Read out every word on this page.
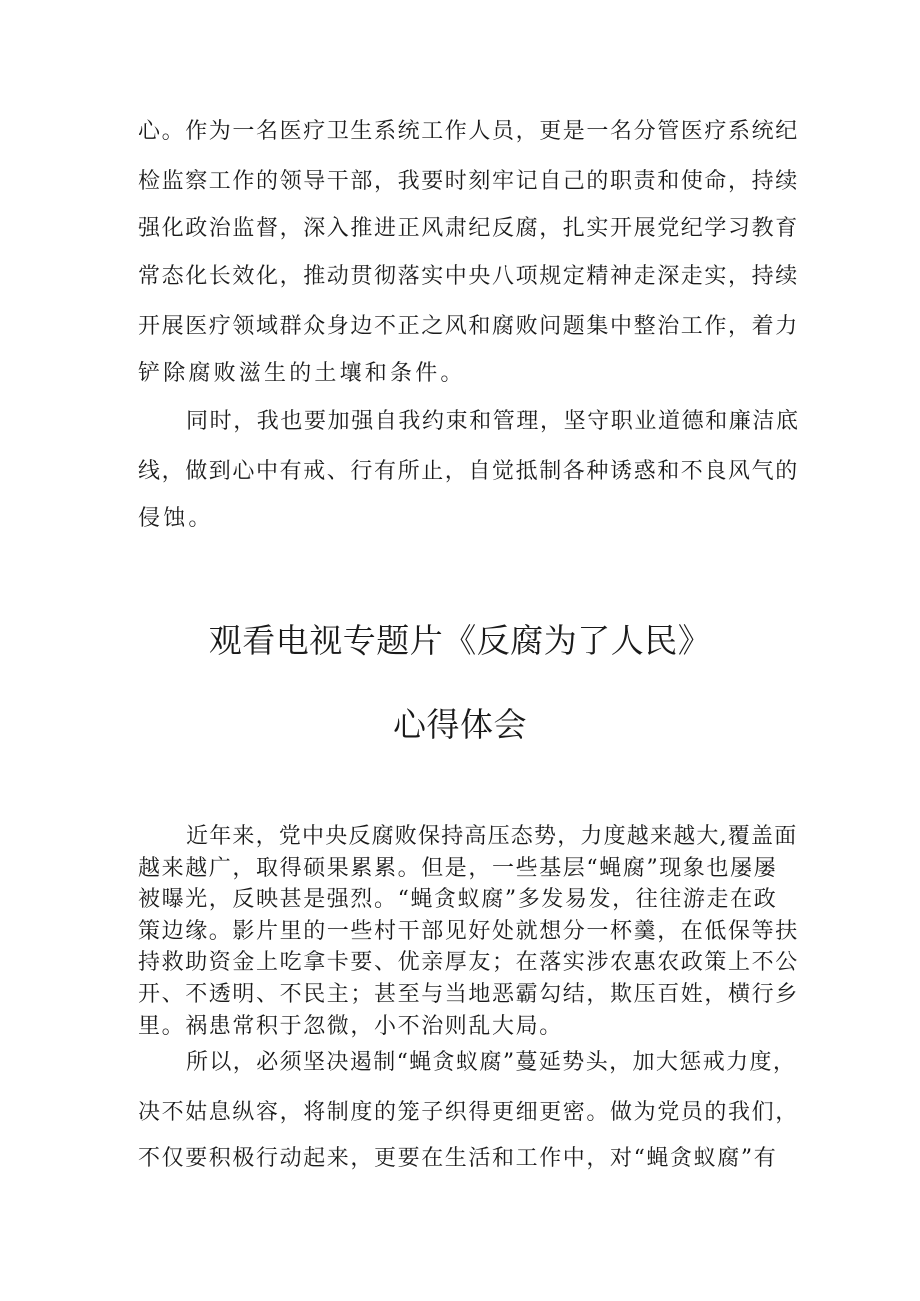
心。作为一名医疗卫生系统工作人员，更是一名分管医疗系统纪

检监察工作的领导干部，我要时刻牢记自己的职责和使命，持续

强化政治监督，深入推进正风肃纪反腐，扎实开展党纪学习教育

常态化长效化，推动贯彻落实中央八项规定精神走深走实，持续

开展医疗领域群众身边不正之风和腐败问题集中整治工作，着力

铲除腐败滋生的土壤和条件。

同时，我也要加强自我约束和管理，坚守职业道德和廉洁底

线，做到心中有戒、行有所止，自觉抵制各种诱惑和不良风气的

侵蚀。

观看电视专题片《反腐为了人民》
心得体会

近年来，党中央反腐败保持高压态势，力度越来越大,覆盖面

越来越广，取得硕果累累。但是，一些基层“蝇腐”现象也屡屡

被曝光，反映甚是强烈。“蝇贪蚁腐”多发易发，往往游走在政

策边缘。影片里的一些村干部见好处就想分一杯羹，在低保等扶

持救助资金上吃拿卡要、优亲厚友；在落实涉农惠农政策上不公

开、不透明、不民主；甚至与当地恶霸勾结，欺压百姓，横行乡

里。祸患常积于忽微，小不治则乱大局。

所以，必须坚决遏制“蝇贪蚁腐”蔓延势头，加大惩戒力度，

决不姑息纵容，将制度的笼子织得更细更密。做为党员的我们，

不仅要积极行动起来，更要在生活和工作中，对“蝇贪蚁腐”有
